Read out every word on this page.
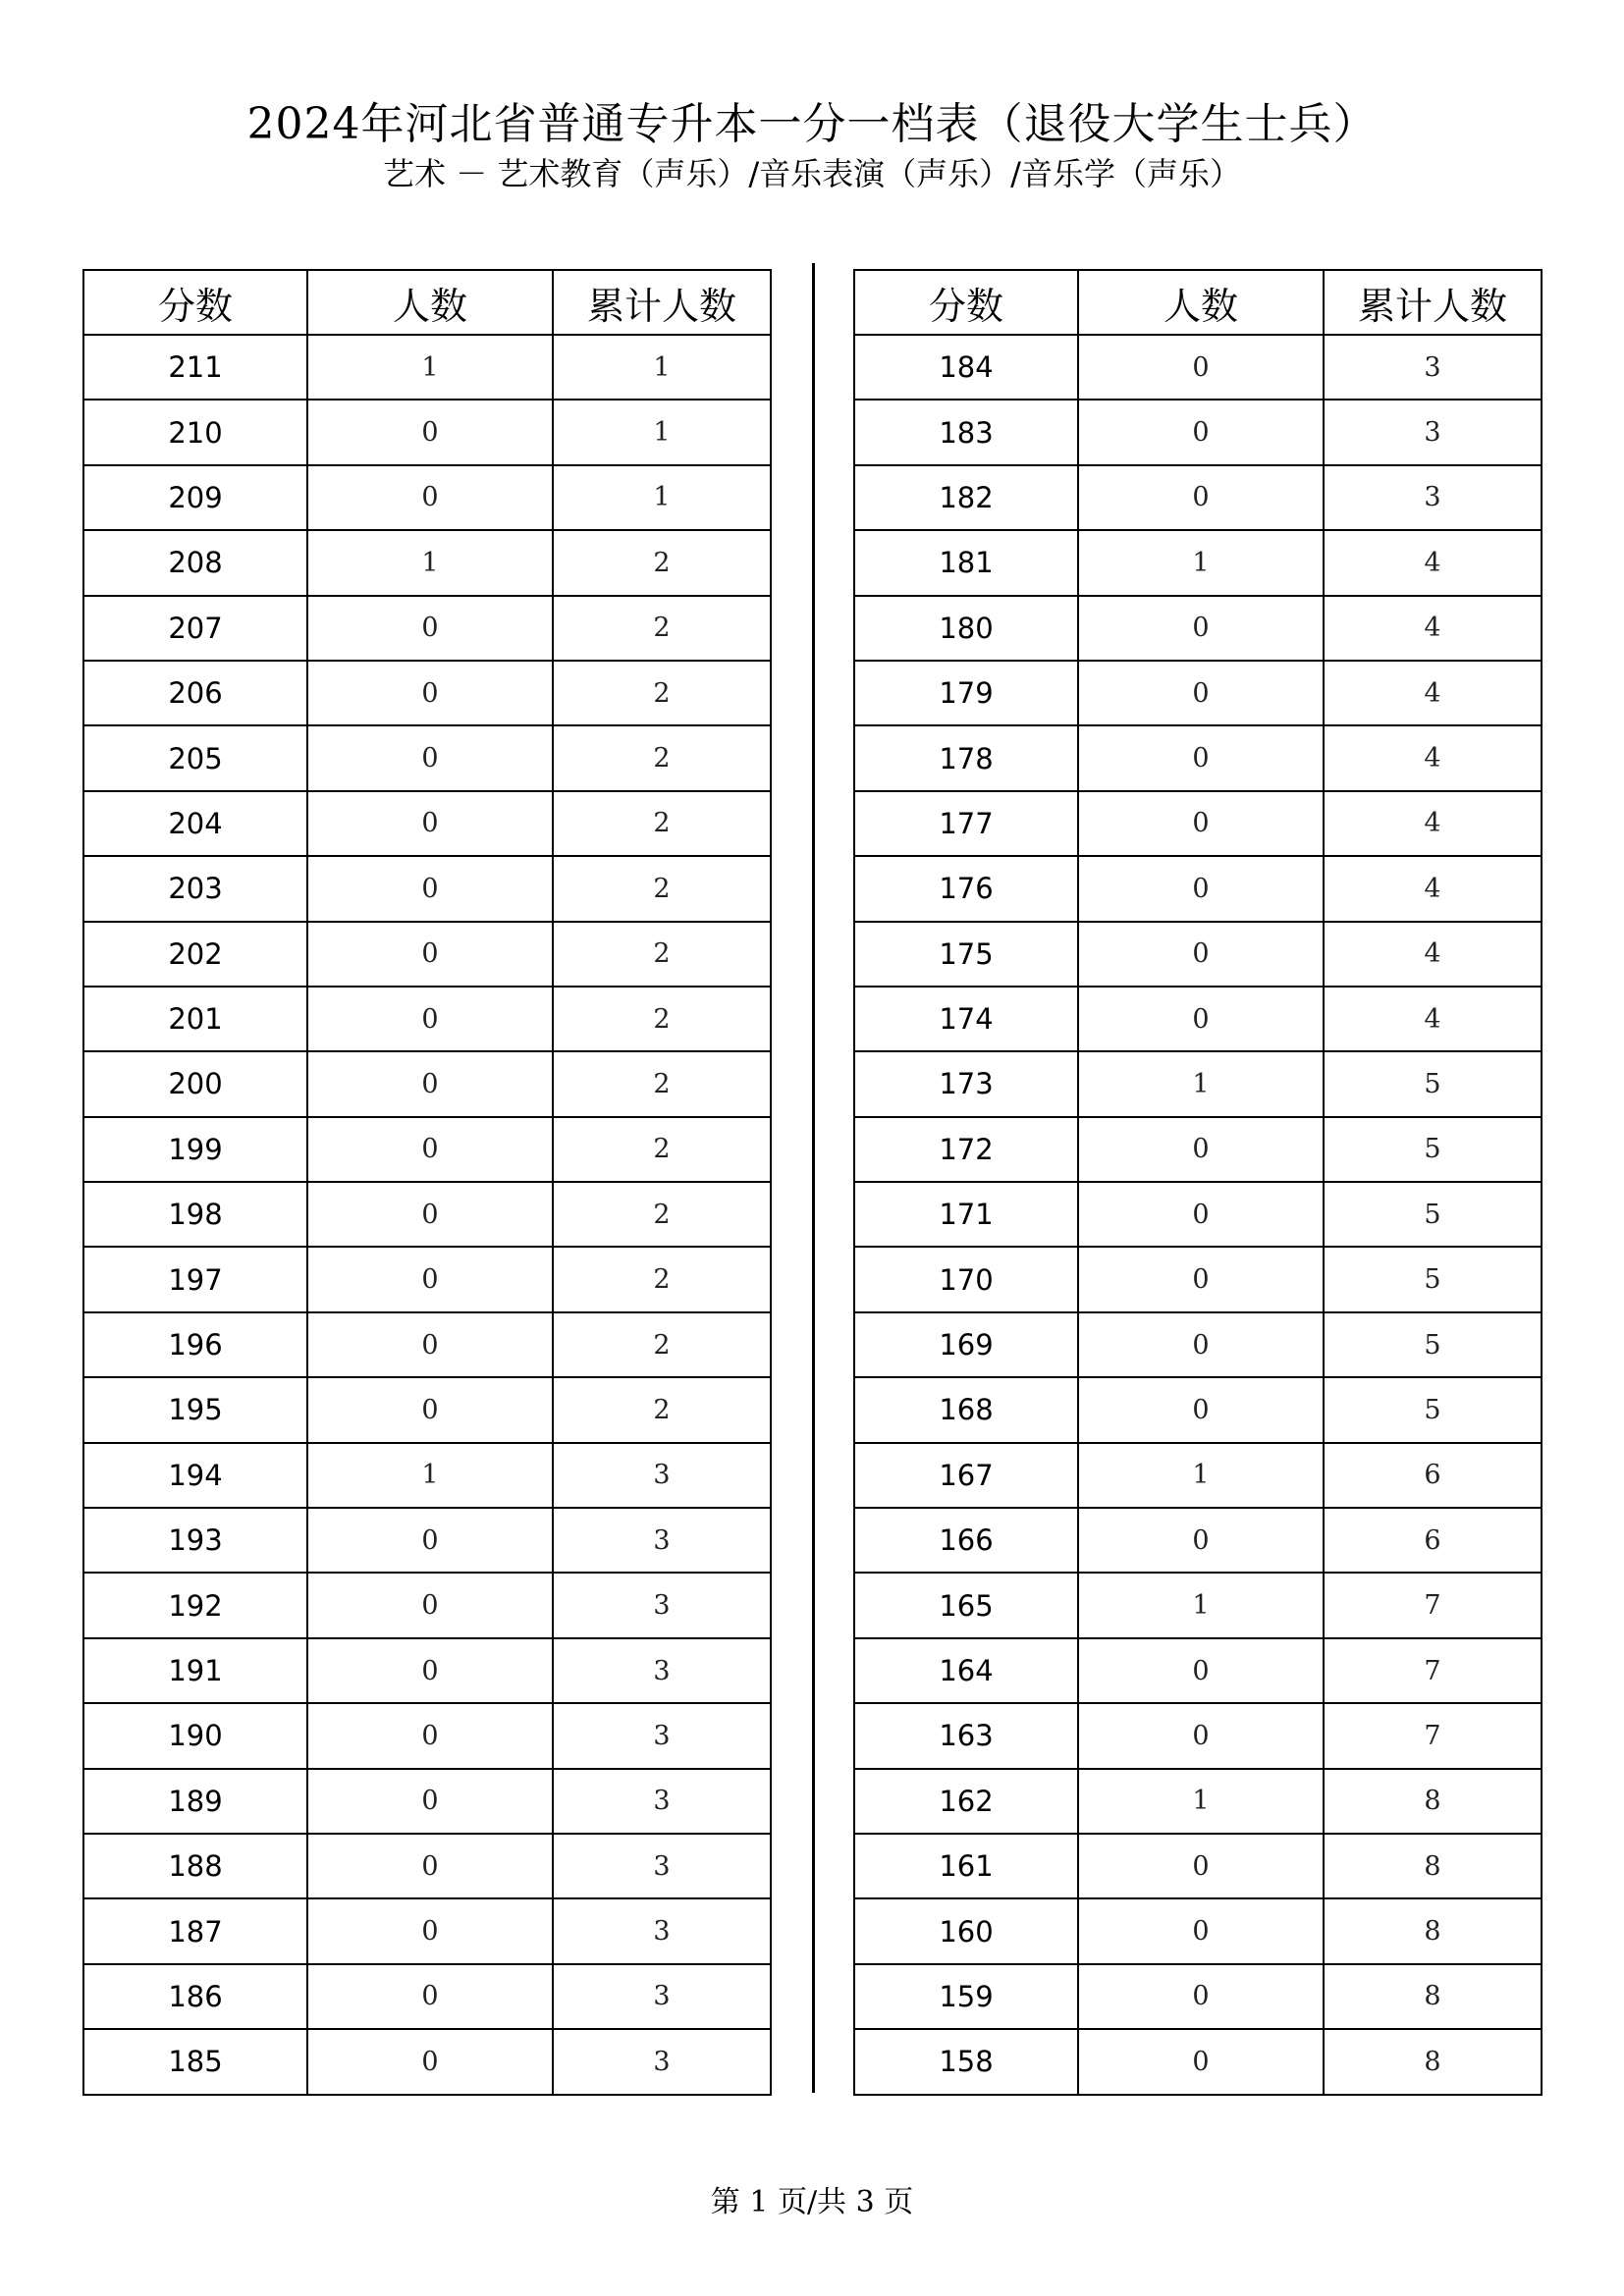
2024年河北省普通专升本一分一档表（退役大学生士兵）
艺术 － 艺术教育（声乐）/音乐表演（声乐）/音乐学（声乐）
分数	人数	累计人数
211	1	1
210	0	1
209	0	1
208	1	2
207	0	2
206	0	2
205	0	2
204	0	2
203	0	2
202	0	2
201	0	2
200	0	2
199	0	2
198	0	2
197	0	2
196	0	2
195	0	2
194	1	3
193	0	3
192	0	3
191	0	3
190	0	3
189	0	3
188	0	3
187	0	3
186	0	3
185	0	3
分数	人数	累计人数
184	0	3
183	0	3
182	0	3
181	1	4
180	0	4
179	0	4
178	0	4
177	0	4
176	0	4
175	0	4
174	0	4
173	1	5
172	0	5
171	0	5
170	0	5
169	0	5
168	0	5
167	1	6
166	0	6
165	1	7
164	0	7
163	0	7
162	1	8
161	0	8
160	0	8
159	0	8
158	0	8
第 1 页/共 3 页
